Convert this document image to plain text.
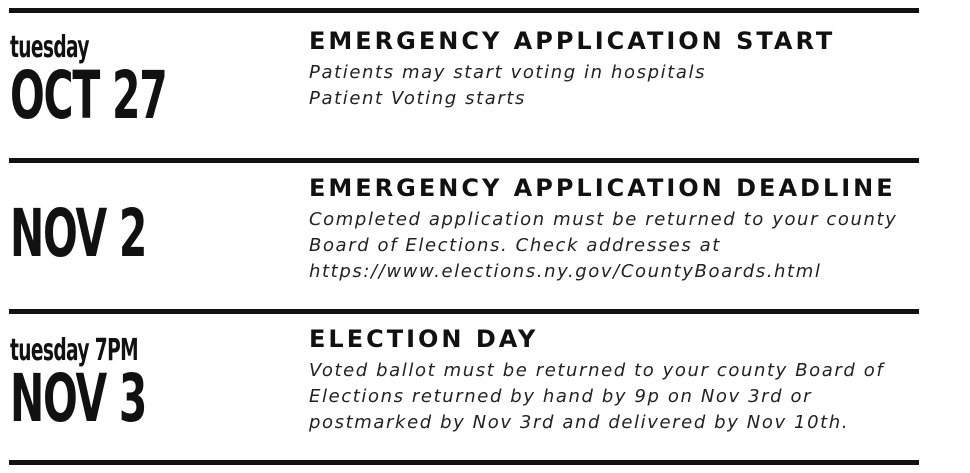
tuesday
OCT 27
EMERGENCY APPLICATION START
Patients may start voting in hospitals
Patient Voting starts
NOV 2
EMERGENCY APPLICATION DEADLINE
Completed application must be returned to your county
Board of Elections. Check addresses at
https://www.elections.ny.gov/CountyBoards.html
tuesday 7PM
NOV 3
ELECTION DAY
Voted ballot must be returned to your county Board of
Elections returned by hand by 9p on Nov 3rd or
postmarked by Nov 3rd and delivered by Nov 10th.
